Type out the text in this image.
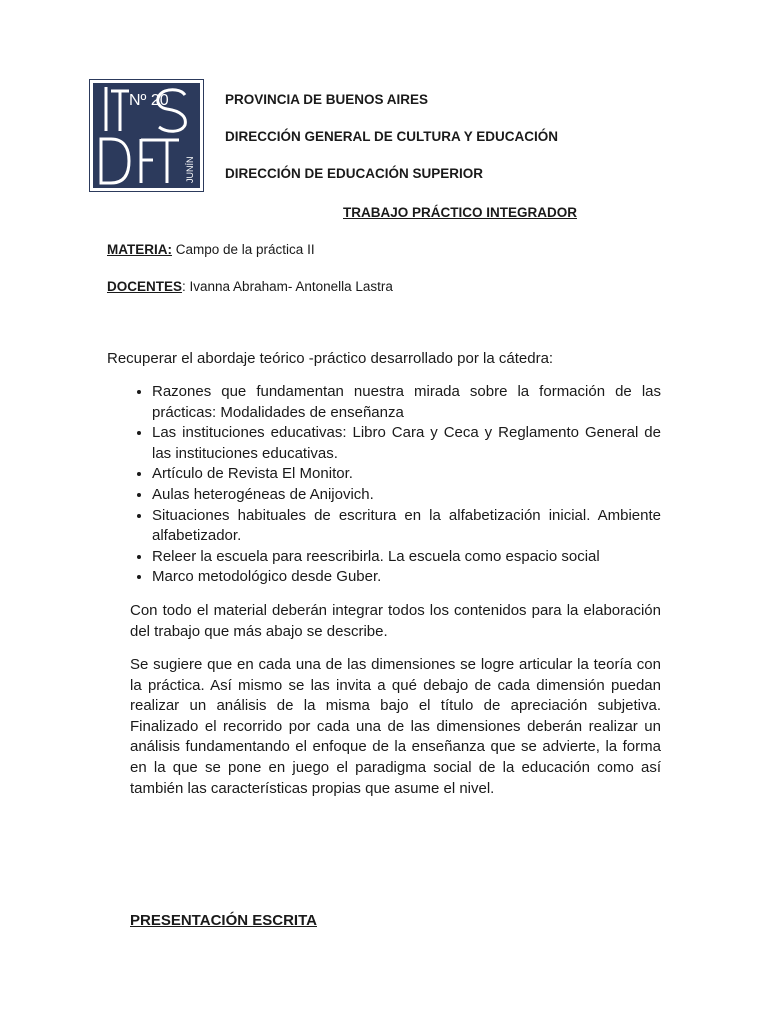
Nº 20
JUNÍN
PROVINCIA DE BUENOS AIRES
DIRECCIÓN GENERAL DE CULTURA Y EDUCACIÓN
DIRECCIÓN DE EDUCACIÓN SUPERIOR
TRABAJO PRÁCTICO INTEGRADOR
MATERIA: Campo de la práctica II
DOCENTES: Ivanna Abraham- Antonella Lastra
Recuperar el abordaje teórico -práctico desarrollado por la cátedra:
• Razones que fundamentan nuestra mirada sobre la formación de las prácticas: Modalidades de enseñanza
• Las instituciones educativas: Libro Cara y Ceca y Reglamento General de las instituciones educativas.
• Artículo de Revista El Monitor.
• Aulas heterogéneas de Anijovich.
• Situaciones habituales de escritura en la alfabetización inicial. Ambiente alfabetizador.
• Releer la escuela para reescribirla. La escuela como espacio social
• Marco metodológico desde Guber.

Con todo el material deberán integrar todos los contenidos para la elaboración del trabajo que más abajo se describe.

Se sugiere que en cada una de las dimensiones se logre articular la teoría con la práctica. Así mismo se las invita a qué debajo de cada dimensión puedan realizar un análisis de la misma bajo el título de apreciación subjetiva. Finalizado el recorrido por cada una de las dimensiones deberán realizar un análisis fundamentando el enfoque de la enseñanza que se advierte, la forma en la que se pone en juego el paradigma social de la educación como así también las características propias que asume el nivel.

PRESENTACIÓN ESCRITA
